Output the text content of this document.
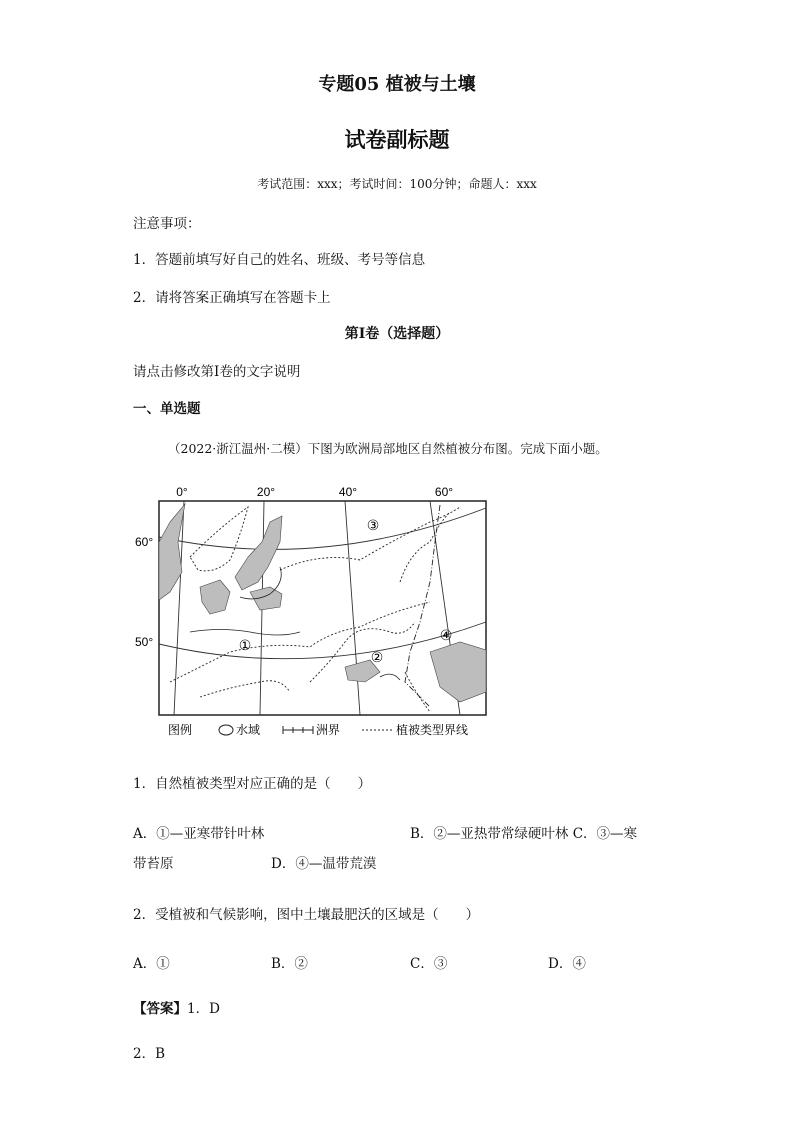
专题05 植被与土壤
试卷副标题
考试范围：xxx；考试时间：100分钟；命题人：xxx
注意事项：
1．答题前填写好自己的姓名、班级、考号等信息
2．请将答案正确填写在答题卡上
第I卷（选择题）
请点击修改第I卷的文字说明
一、单选题
（2022·浙江温州·二模）下图为欧洲局部地区自然植被分布图。完成下面小题。
0°	20°	40°	60°
60°
50°	①
②
③
④
图例	水域	洲界	植被类型界线
1．自然植被类型对应正确的是（　　）
A．①—亚寒带针叶林	B．②—亚热带常绿硬叶林 C．③—寒
带苔原	D．④—温带荒漠
2．受植被和气候影响，图中土壤最肥沃的区域是（　　）
A．①	B．②	C．③	D．④
【答案】1．D
2．B
